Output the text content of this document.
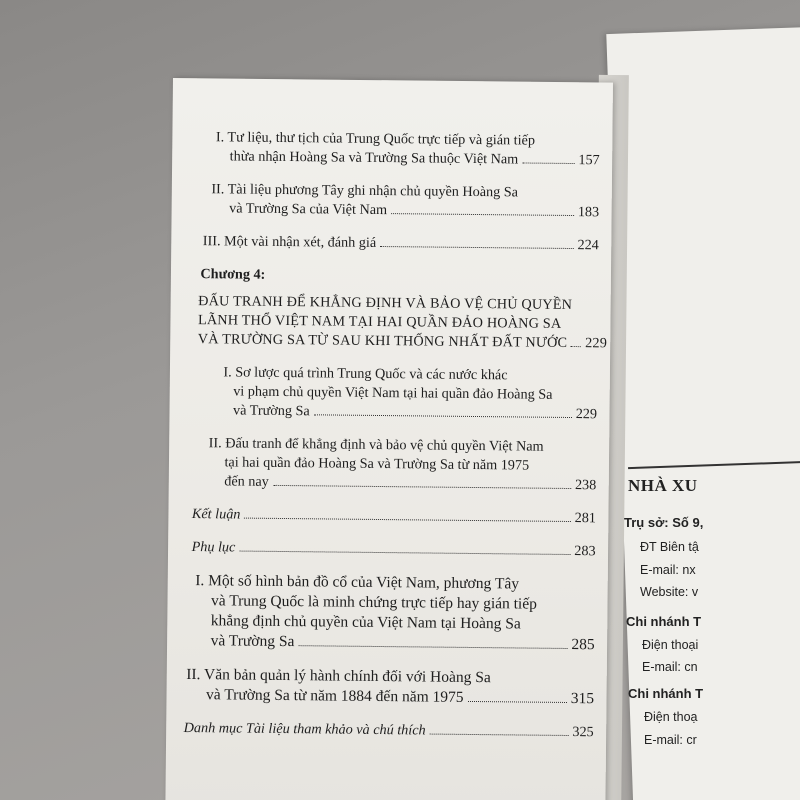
I. Tư liệu, thư tịch của Trung Quốc trực tiếp và gián tiếp
thừa nhận Hoàng Sa và Trường Sa thuộc Việt Nam	157
II. Tài liệu phương Tây ghi nhận chủ quyền Hoàng Sa
và Trường Sa của Việt Nam	183
III. Một vài nhận xét, đánh giá	224
Chương 4:
ĐẤU TRANH ĐỂ KHẲNG ĐỊNH VÀ BẢO VỆ CHỦ QUYỀN
LÃNH THỔ VIỆT NAM TẠI HAI QUẦN ĐẢO HOÀNG SA
VÀ TRƯỜNG SA TỪ SAU KHI THỐNG NHẤT ĐẤT NƯỚC 229
I. Sơ lược quá trình Trung Quốc và các nước khác
vi phạm chủ quyền Việt Nam tại hai quần đảo Hoàng Sa
và Trường Sa	229
II. Đấu tranh để khẳng định và bảo vệ chủ quyền Việt Nam
tại hai quần đảo Hoàng Sa và Trường Sa từ năm 1975
đến nay	238
Kết luận	281
Phụ lục	283
I. Một số hình bản đồ cổ của Việt Nam, phương Tây
và Trung Quốc là minh chứng trực tiếp hay gián tiếp
khẳng định chủ quyền của Việt Nam tại Hoàng Sa
và Trường Sa	285
II. Văn bản quản lý hành chính đối với Hoàng Sa
và Trường Sa từ năm 1884 đến năm 1975	315
Danh mục Tài liệu tham khảo và chú thích	325
NHÀ XU
Trụ sở: Số 9,
ĐT Biên tậ
E-mail: nx
Website: v
Chi nhánh T
Điện thoại
E-mail: cn
Chi nhánh T
Điện thoạ
E-mail: cr
